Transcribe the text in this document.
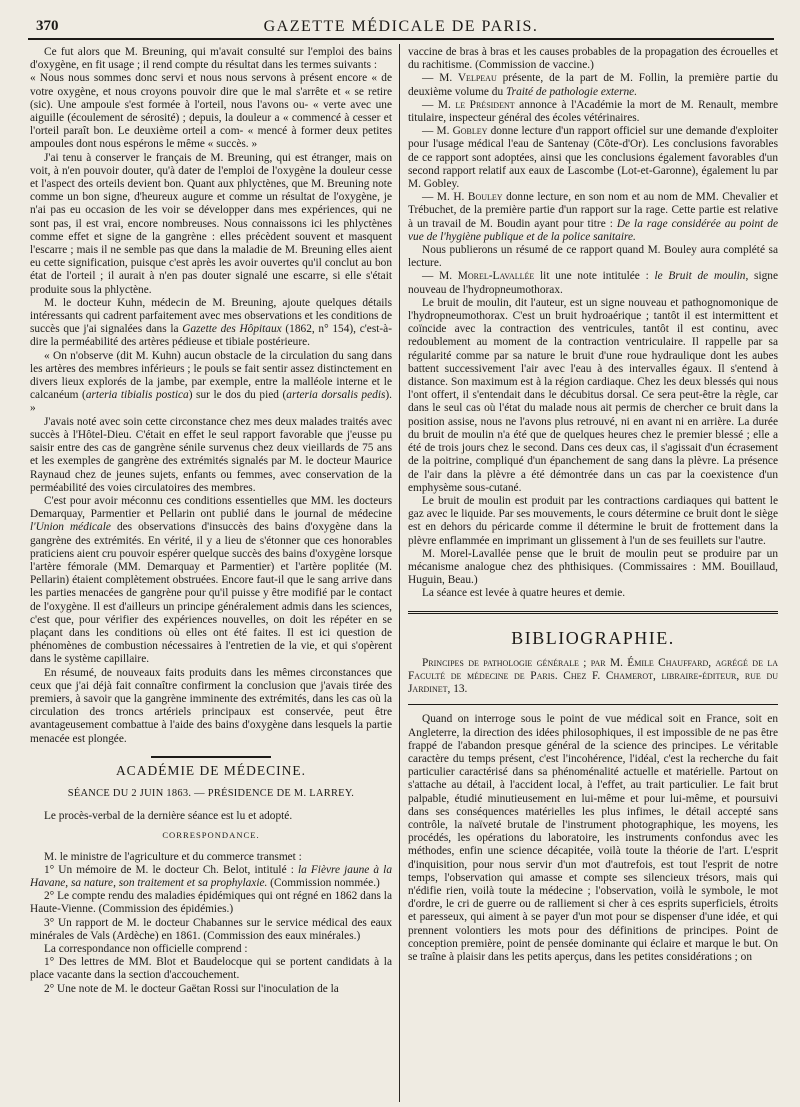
370	GAZETTE MÉDICALE DE PARIS.

Ce fut alors que M. Breuning, qui m'avait consulté sur l'emploi des bains d'oxygène, en fit usage ; il rend compte du résultat dans les termes suivants :

« Nous nous sommes donc servi et nous nous servons à présent encore « de votre oxygène, et nous croyons pouvoir dire que le mal s'arrête et « se retire (sic). Une ampoule s'est formée à l'orteil, nous l'avons ou- « verte avec une aiguille (écoulement de sérosité) ; depuis, la douleur a « commencé à cesser et l'orteil paraît bon. Le deuxième orteil a com- « mencé à former deux petites ampoules dont nous espérons le même « succès. »

J'ai tenu à conserver le français de M. Breuning, qui est étranger, mais on voit, à n'en pouvoir douter, qu'à dater de l'emploi de l'oxygène la douleur cesse et l'aspect des orteils devient bon. Quant aux phlyctènes, que M. Breuning note comme un bon signe, d'heureux augure et comme un résultat de l'oxygène, je n'ai pas eu occasion de les voir se développer dans mes expériences, qui ne sont pas, il est vrai, encore nombreuses. Nous connaissons ici les phlyctènes comme effet et signe de la gangrène : elles précèdent souvent et masquent l'escarre ; mais il ne semble pas que dans la maladie de M. Breuning elles aient eu cette signification, puisque c'est après les avoir ouvertes qu'il conclut au bon état de l'orteil ; il aurait à n'en pas douter signalé une escarre, si elle s'était produite sous la phlyctène.

M. le docteur Kuhn, médecin de M. Breuning, ajoute quelques détails intéressants qui cadrent parfaitement avec mes observations et les conditions de succès que j'ai signalées dans la Gazette des Hôpitaux (1862, n° 154), c'est-à-dire la perméabilité des artères pédieuse et tibiale postérieure.

« On n'observe (dit M. Kuhn) aucun obstacle de la circulation du sang dans les artères des membres inférieurs ; le pouls se fait sentir assez distinctement en divers lieux explorés de la jambe, par exemple, entre la malléole interne et le calcanéum (arteria tibialis postica) sur le dos du pied (arteria dorsalis pedis). »

J'avais noté avec soin cette circonstance chez mes deux malades traités avec succès à l'Hôtel-Dieu. C'était en effet le seul rapport favorable que j'eusse pu saisir entre des cas de gangrène sénile survenus chez deux vieillards de 75 ans et les exemples de gangrène des extrémités signalés par M. le docteur Maurice Raynaud chez de jeunes sujets, enfants ou femmes, avec conservation de la perméabilité des voies circulatoires des membres.

C'est pour avoir méconnu ces conditions essentielles que MM. les docteurs Demarquay, Parmentier et Pellarin ont publié dans le journal de médecine l'Union médicale des observations d'insuccès des bains d'oxygène dans la gangrène des extrémités. En vérité, il y a lieu de s'étonner que ces honorables praticiens aient cru pouvoir espérer quelque succès des bains d'oxygène lorsque l'artère fémorale (MM. Demarquay et Parmentier) et l'artère poplitée (M. Pellarin) étaient complètement obstruées. Encore faut-il que le sang arrive dans les parties menacées de gangrène pour qu'il puisse y être modifié par le contact de l'oxygène. Il est d'ailleurs un principe généralement admis dans les sciences, c'est que, pour vérifier des expériences nouvelles, on doit les répéter en se plaçant dans les conditions où elles ont été faites. Il est ici question de phénomènes de combustion nécessaires à l'entretien de la vie, et qui s'opèrent dans le système capillaire.

En résumé, de nouveaux faits produits dans les mêmes circonstances que ceux que j'ai déjà fait connaître confirment la conclusion que j'avais tirée des premiers, à savoir que la gangrène imminente des extrémités, dans les cas où la circulation des troncs artériels principaux est conservée, peut être avantageusement combattue à l'aide des bains d'oxygène dans lesquels la partie menacée est plongée.

ACADÉMIE DE MÉDECINE.
SÉANCE DU 2 JUIN 1863. — PRÉSIDENCE DE M. LARREY.

Le procès-verbal de la dernière séance est lu et adopté.

CORRESPONDANCE.

M. le ministre de l'agriculture et du commerce transmet :

1° Un mémoire de M. le docteur Ch. Belot, intitulé : la Fièvre jaune à la Havane, sa nature, son traitement et sa prophylaxie. (Commission nommée.)

2° Le compte rendu des maladies épidémiques qui ont régné en 1862 dans la Haute-Vienne. (Commission des épidémies.)

3° Un rapport de M. le docteur Chabannes sur le service médical des eaux minérales de Vals (Ardèche) en 1861. (Commission des eaux minérales.)

La correspondance non officielle comprend :

1° Des lettres de MM. Blot et Baudelocque qui se portent candidats à la place vacante dans la section d'accouchement.

2° Une note de M. le docteur Gaëtan Rossi sur l'inoculation de la

vaccine de bras à bras et les causes probables de la propagation des écrouelles et du rachitisme. (Commission de vaccine.)

— M. Velpeau présente, de la part de M. Follin, la première partie du deuxième volume du Traité de pathologie externe.

— M. le Président annonce à l'Académie la mort de M. Renault, membre titulaire, inspecteur général des écoles vétérinaires.

— M. Gobley donne lecture d'un rapport officiel sur une demande d'exploiter pour l'usage médical l'eau de Santenay (Côte-d'Or). Les conclusions favorables de ce rapport sont adoptées, ainsi que les conclusions également favorables d'un second rapport relatif aux eaux de Lascombe (Lot-et-Garonne), également lu par M. Gobley.

— M. H. Bouley donne lecture, en son nom et au nom de MM. Chevalier et Trébuchet, de la première partie d'un rapport sur la rage. Cette partie est relative à un travail de M. Boudin ayant pour titre : De la rage considérée au point de vue de l'hygiène publique et de la police sanitaire.

Nous publierons un résumé de ce rapport quand M. Bouley aura complété sa lecture.

— M. Morel-Lavallée lit une note intitulée : le Bruit de moulin, signe nouveau de l'hydropneumothorax.

Le bruit de moulin, dit l'auteur, est un signe nouveau et pathognomonique de l'hydropneumothorax. C'est un bruit hydroaérique ; tantôt il est intermittent et coïncide avec la contraction des ventricules, tantôt il est continu, avec redoublement au moment de la contraction ventriculaire. Il rappelle par sa régularité comme par sa nature le bruit d'une roue hydraulique dont les aubes battent successivement l'air avec l'eau à des intervalles égaux. Il s'entend à distance. Son maximum est à la région cardiaque. Chez les deux blessés qui nous l'ont offert, il s'entendait dans le décubitus dorsal. Ce sera peut-être la règle, car dans le seul cas où l'état du malade nous ait permis de chercher ce bruit dans la position assise, nous ne l'avons plus retrouvé, ni en avant ni en arrière. La durée du bruit de moulin n'a été que de quelques heures chez le premier blessé ; elle a été de trois jours chez le second. Dans ces deux cas, il s'agissait d'un écrasement de la poitrine, compliqué d'un épanchement de sang dans la plèvre. La présence de l'air dans la plèvre a été démontrée dans un cas par la coexistence d'un emphysème sous-cutané.

Le bruit de moulin est produit par les contractions cardiaques qui battent le gaz avec le liquide. Par ses mouvements, le cours détermine ce bruit dont le siège est en dehors du péricarde comme il détermine le bruit de frottement dans la plèvre enflammée en imprimant un glissement à l'un de ses feuillets sur l'autre.

M. Morel-Lavallée pense que le bruit de moulin peut se produire par un mécanisme analogue chez des phthisiques. (Commissaires : MM. Bouillaud, Huguin, Beau.)

La séance est levée à quatre heures et demie.

BIBLIOGRAPHIE.

Principes de pathologie générale ; par M. Émile Chauffard, agrégé de la Faculté de médecine de Paris. Chez F. Chamerot, libraire-éditeur, rue du Jardinet, 13.

Quand on interroge sous le point de vue médical soit en France, soit en Angleterre, la direction des idées philosophiques, il est impossible de ne pas être frappé de l'abandon presque général de la science des principes. Le véritable caractère du temps présent, c'est l'incohérence, l'idéal, c'est la recherche du fait particulier caractérisé dans sa phénoménalité actuelle et matérielle. Partout on s'attache au détail, à l'accident local, à l'effet, au trait particulier. Le fait brut palpable, étudié minutieusement en lui-même et pour lui-même, et poursuivi dans ses conséquences matérielles les plus infimes, le détail accepté sans contrôle, la naïveté brutale de l'instrument photographique, les moyens, les procédés, les opérations du laboratoire, les instruments confondus avec les méthodes, enfin une science décapitée, voilà toute la théorie de l'art. L'esprit d'inquisition, pour nous servir d'un mot d'autrefois, est tout l'esprit de notre temps, l'observation qui amasse et compte ses silencieux trésors, mais qui n'édifie rien, voilà toute la médecine ; l'observation, voilà le symbole, le mot d'ordre, le cri de guerre ou de ralliement si cher à ces esprits superficiels, étroits et paresseux, qui aiment à se payer d'un mot pour se dispenser d'une idée, et qui prennent volontiers les mots pour des définitions de principes. Point de conception première, point de pensée dominante qui éclaire et marque le but. On se traîne à plaisir dans les petits aperçus, dans les petites considérations ; on
